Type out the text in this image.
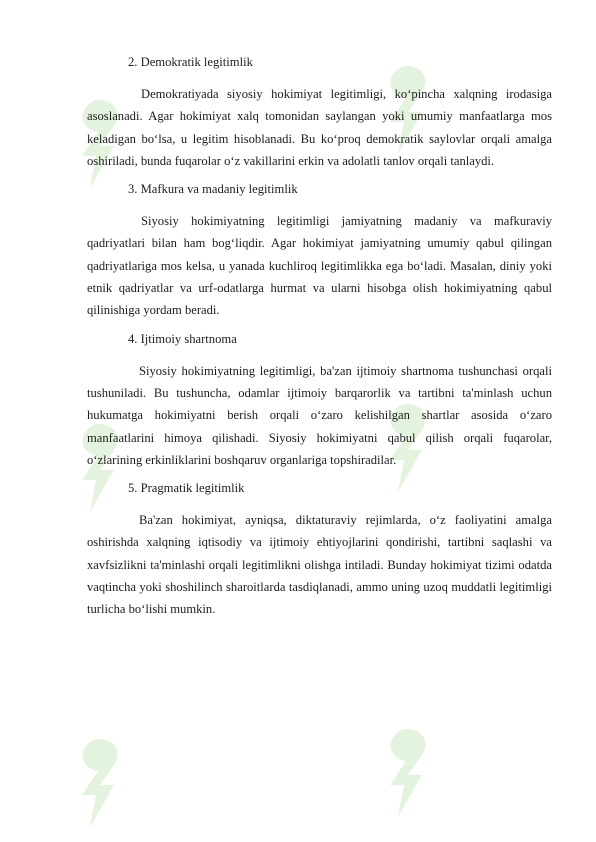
2. Demokratik legitimlik

Demokratiyada siyosiy hokimiyat legitimligi, ko‘pincha xalqning irodasiga asoslanadi. Agar hokimiyat xalq tomonidan saylangan yoki umumiy manfaatlarga mos keladigan bo‘lsa, u legitim hisoblanadi. Bu ko‘proq demokratik saylovlar orqali amalga oshiriladi, bunda fuqarolar o‘z vakillarini erkin va adolatli tanlov orqali tanlaydi.

3. Mafkura va madaniy legitimlik

Siyosiy hokimiyatning legitimligi jamiyatning madaniy va mafkuraviy qadriyatlari bilan ham bog‘liqdir. Agar hokimiyat jamiyatning umumiy qabul qilingan qadriyatlariga mos kelsa, u yanada kuchliroq legitimlikka ega bo‘ladi. Masalan, diniy yoki etnik qadriyatlar va urf-odatlarga hurmat va ularni hisobga olish hokimiyatning qabul qilinishiga yordam beradi.

4. Ijtimoiy shartnoma

Siyosiy hokimiyatning legitimligi, ba'zan ijtimoiy shartnoma tushunchasi orqali tushuniladi. Bu tushuncha, odamlar ijtimoiy barqarorlik va tartibni ta'minlash uchun hukumatga hokimiyatni berish orqali o‘zaro kelishilgan shartlar asosida o‘zaro manfaatlarini himoya qilishadi. Siyosiy hokimiyatni qabul qilish orqali fuqarolar, o‘zlarining erkinliklarini boshqaruv organlariga topshiradilar.

5. Pragmatik legitimlik

Ba'zan hokimiyat, ayniqsa, diktaturaviy rejimlarda, o‘z faoliyatini amalga oshirishda xalqning iqtisodiy va ijtimoiy ehtiyojlarini qondirishi, tartibni saqlashi va xavfsizlikni ta'minlashi orqali legitimlikni olishga intiladi. Bunday hokimiyat tizimi odatda vaqtincha yoki shoshilinch sharoitlarda tasdiqlanadi, ammo uning uzoq muddatli legitimligi turlicha bo‘lishi mumkin.
